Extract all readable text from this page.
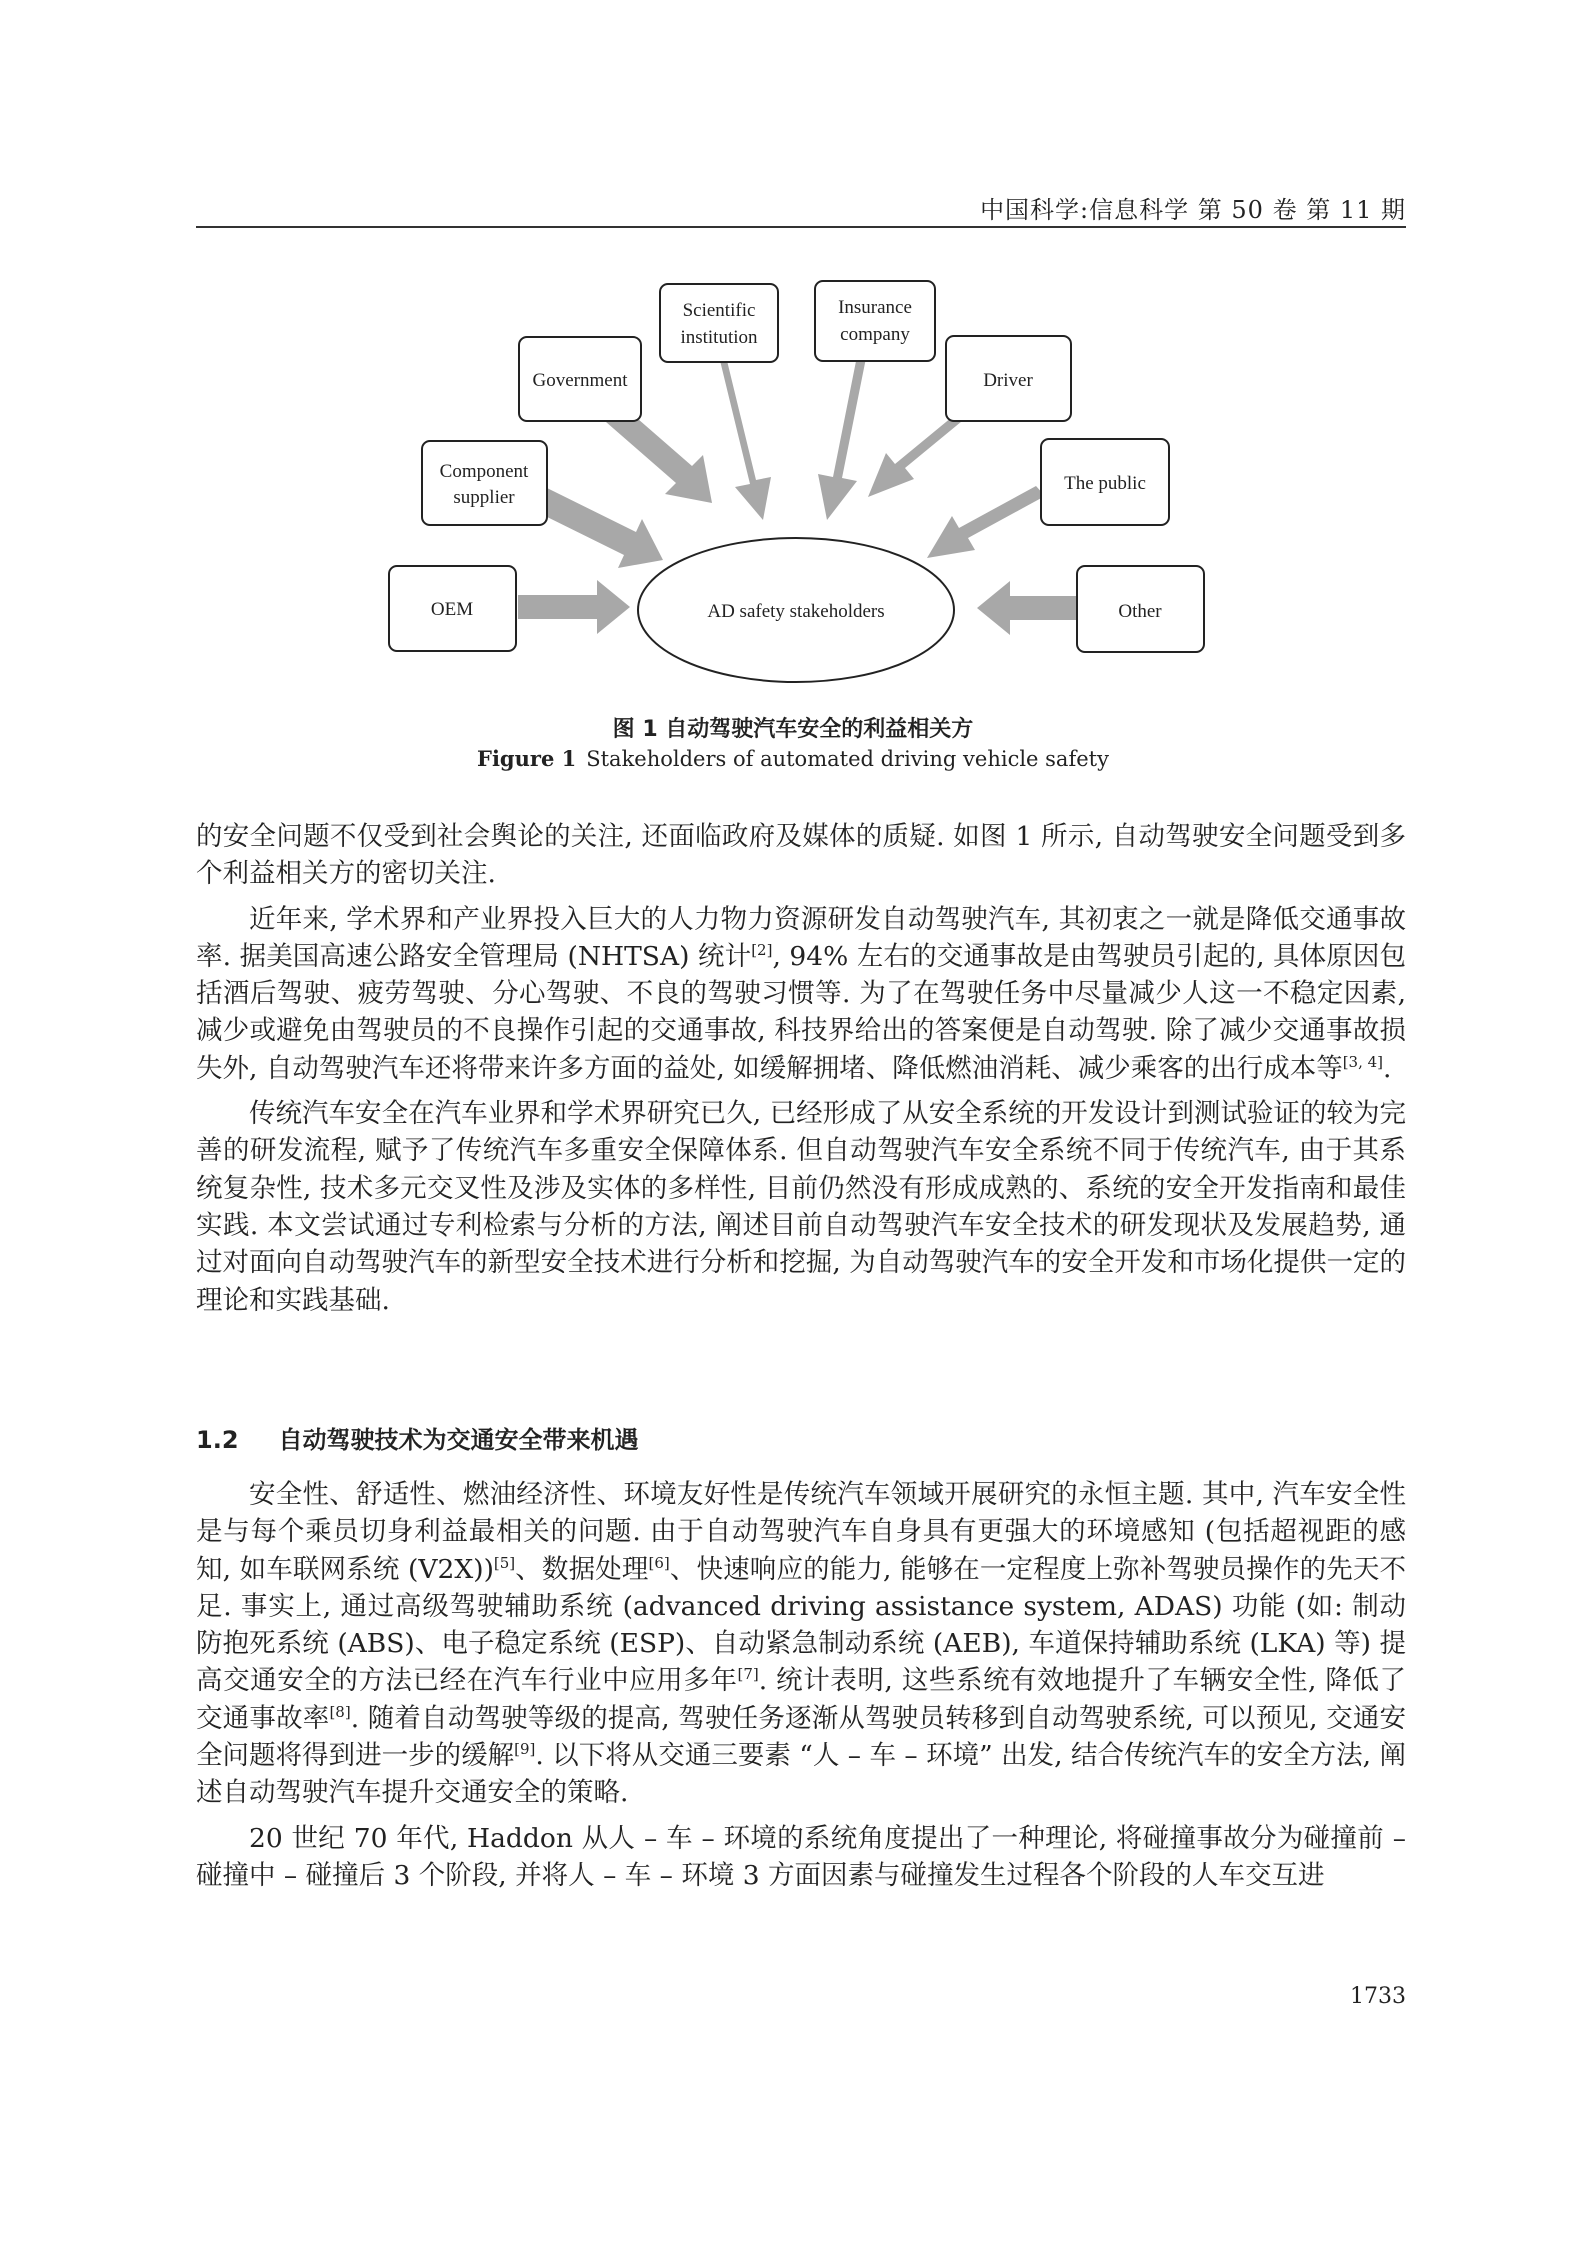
中国科学:信息科学 第 50 卷 第 11 期
AD safety stakeholders
Scientific
institution
Insurance
company
Government	Driver
Component
supplier
The public
OEM	Other
图 1 自动驾驶汽车安全的利益相关方
Figure 1 Stakeholders of automated driving vehicle safety

的安全问题不仅受到社会舆论的关注, 还面临政府及媒体的质疑. 如图 1 所示, 自动驾驶安全问题受到多个利益相关方的密切关注.

近年来, 学术界和产业界投入巨大的人力物力资源研发自动驾驶汽车, 其初衷之一就是降低交通事故率. 据美国高速公路安全管理局 (NHTSA) 统计[2], 94% 左右的交通事故是由驾驶员引起的, 具体原因包括酒后驾驶、疲劳驾驶、分心驾驶、不良的驾驶习惯等. 为了在驾驶任务中尽量减少人这一不稳定因素, 减少或避免由驾驶员的不良操作引起的交通事故, 科技界给出的答案便是自动驾驶. 除了减少交通事故损失外, 自动驾驶汽车还将带来许多方面的益处, 如缓解拥堵、降低燃油消耗、减少乘客的出行成本等[3, 4].

传统汽车安全在汽车业界和学术界研究已久, 已经形成了从安全系统的开发设计到测试验证的较为完善的研发流程, 赋予了传统汽车多重安全保障体系. 但自动驾驶汽车安全系统不同于传统汽车, 由于其系统复杂性, 技术多元交叉性及涉及实体的多样性, 目前仍然没有形成成熟的、系统的安全开发指南和最佳实践. 本文尝试通过专利检索与分析的方法, 阐述目前自动驾驶汽车安全技术的研发现状及发展趋势, 通过对面向自动驾驶汽车的新型安全技术进行分析和挖掘, 为自动驾驶汽车的安全开发和市场化提供一定的理论和实践基础.

1.2 自动驾驶技术为交通安全带来机遇

安全性、舒适性、燃油经济性、环境友好性是传统汽车领域开展研究的永恒主题. 其中, 汽车安全性是与每个乘员切身利益最相关的问题. 由于自动驾驶汽车自身具有更强大的环境感知 (包括超视距的感知, 如车联网系统 (V2X))[5]、数据处理[6]、快速响应的能力, 能够在一定程度上弥补驾驶员操作的先天不足. 事实上, 通过高级驾驶辅助系统 (advanced driving assistance system, ADAS) 功能 (如: 制动防抱死系统 (ABS)、电子稳定系统 (ESP)、自动紧急制动系统 (AEB), 车道保持辅助系统 (LKA) 等) 提高交通安全的方法已经在汽车行业中应用多年[7]. 统计表明, 这些系统有效地提升了车辆安全性, 降低了交通事故率[8]. 随着自动驾驶等级的提高, 驾驶任务逐渐从驾驶员转移到自动驾驶系统, 可以预见, 交通安全问题将得到进一步的缓解[9]. 以下将从交通三要素 “人 – 车 – 环境” 出发, 结合传统汽车的安全方法, 阐述自动驾驶汽车提升交通安全的策略.

20 世纪 70 年代, Haddon 从人 – 车 – 环境的系统角度提出了一种理论, 将碰撞事故分为碰撞前 – 碰撞中 – 碰撞后 3 个阶段, 并将人 – 车 – 环境 3 方面因素与碰撞发生过程各个阶段的人车交互进

1733
